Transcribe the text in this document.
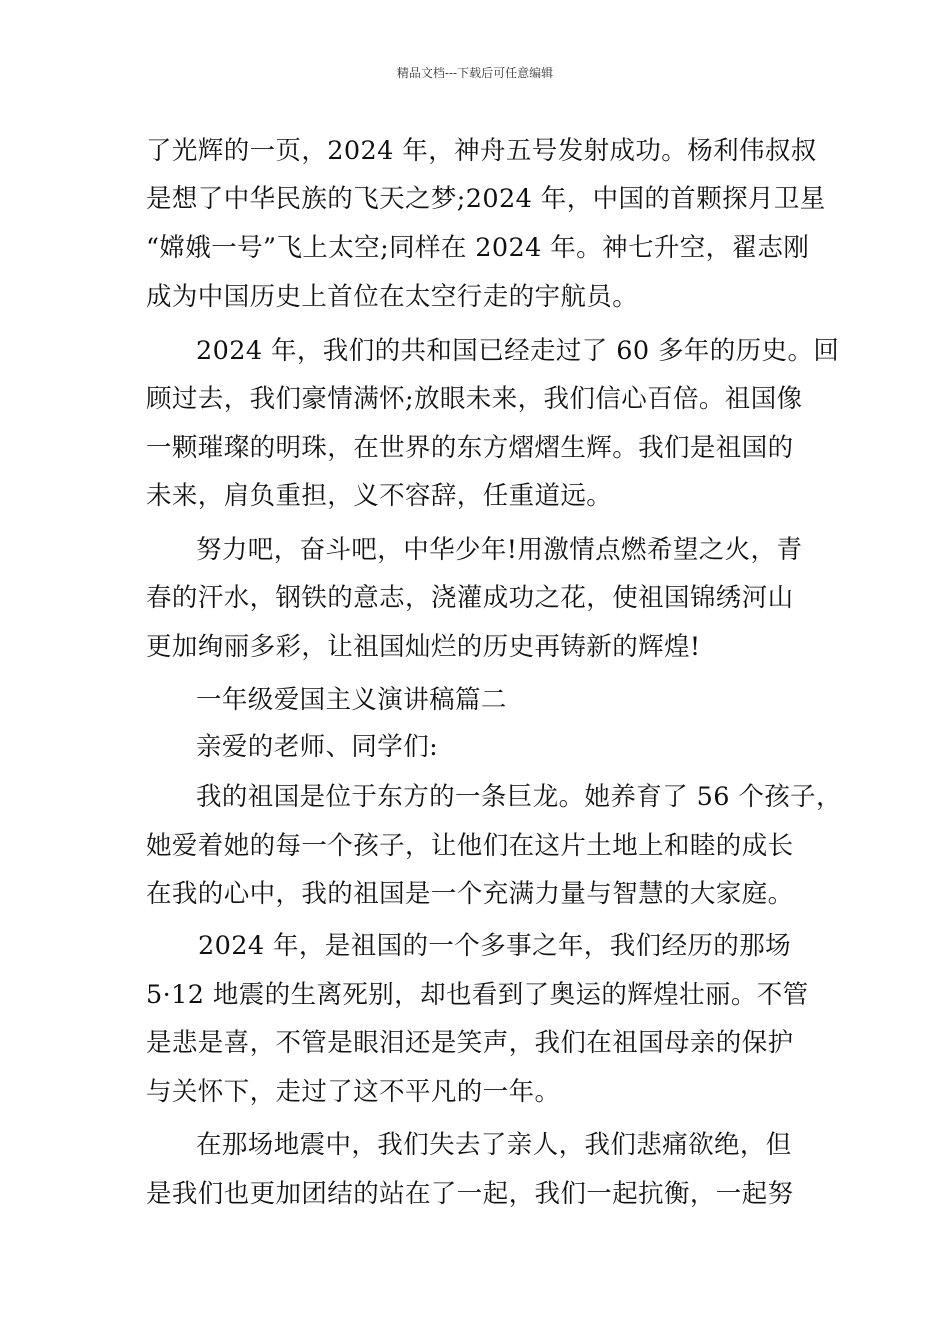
精品文档---下载后可任意编辑
了光辉的一页，2024 年，神舟五号发射成功。杨利伟叔叔
是想了中华民族的飞天之梦;2024 年，中国的首颗探月卫星
“嫦娥一号”飞上太空;同样在 2024 年。神七升空，翟志刚
成为中国历史上首位在太空行走的宇航员。
2024 年，我们的共和国已经走过了 60 多年的历史。回
顾过去，我们豪情满怀;放眼未来，我们信心百倍。祖国像
一颗璀璨的明珠，在世界的东方熠熠生辉。我们是祖国的
未来，肩负重担，义不容辞，任重道远。
努力吧，奋斗吧，中华少年!用激情点燃希望之火，青
春的汗水，钢铁的意志，浇灌成功之花，使祖国锦绣河山
更加绚丽多彩，让祖国灿烂的历史再铸新的辉煌!
一年级爱国主义演讲稿篇二
亲爱的老师、同学们:
我的祖国是位于东方的一条巨龙。她养育了 56 个孩子，
她爱着她的每一个孩子，让他们在这片土地上和睦的成长
在我的心中，我的祖国是一个充满力量与智慧的大家庭。
2024 年，是祖国的一个多事之年，我们经历的那场
5·12 地震的生离死别，却也看到了奥运的辉煌壮丽。不管
是悲是喜，不管是眼泪还是笑声，我们在祖国母亲的保护
与关怀下，走过了这不平凡的一年。
在那场地震中，我们失去了亲人，我们悲痛欲绝，但
是我们也更加团结的站在了一起，我们一起抗衡，一起努
